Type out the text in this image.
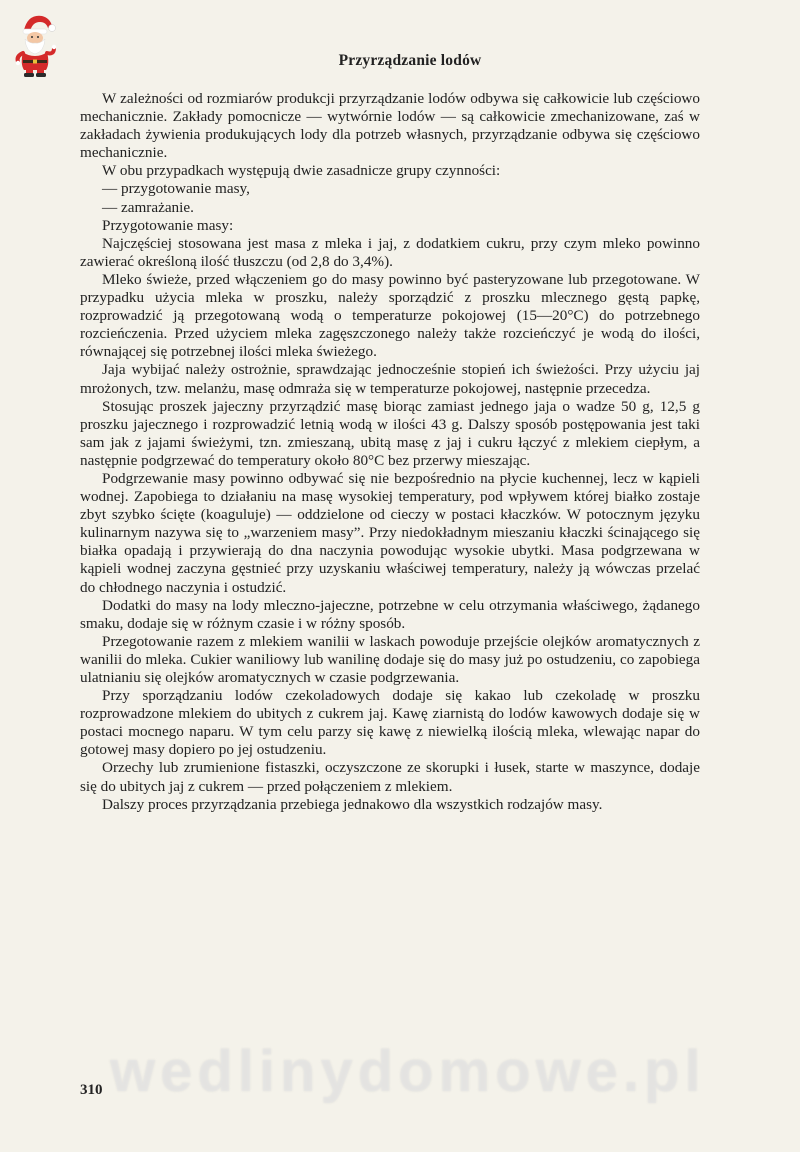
Przyrządzanie lodów

W zależności od rozmiarów produkcji przyrządzanie lodów odbywa się całkowicie lub częściowo mechanicznie. Zakłady pomocnicze — wytwórnie lodów — są całkowicie zmechanizowane, zaś w zakładach żywienia produkujących lody dla potrzeb własnych, przyrządzanie odbywa się częściowo mechanicznie.

W obu przypadkach występują dwie zasadnicze grupy czynności:

— przygotowanie masy,

— zamrażanie.

Przygotowanie masy:

Najczęściej stosowana jest masa z mleka i jaj, z dodatkiem cukru, przy czym mleko powinno zawierać określoną ilość tłuszczu (od 2,8 do 3,4%).

Mleko świeże, przed włączeniem go do masy powinno być pasteryzowane lub przegotowane. W przypadku użycia mleka w proszku, należy sporządzić z proszku mlecznego gęstą papkę, rozprowadzić ją przegotowaną wodą o temperaturze pokojowej (15—20°C) do potrzebnego rozcieńczenia. Przed użyciem mleka zagęszczonego należy także rozcieńczyć je wodą do ilości, równającej się potrzebnej ilości mleka świeżego.

Jaja wybijać należy ostrożnie, sprawdzając jednocześnie stopień ich świeżości. Przy użyciu jaj mrożonych, tzw. melanżu, masę odmraża się w temperaturze pokojowej, następnie przecedza.

Stosując proszek jajeczny przyrządzić masę biorąc zamiast jednego jaja o wadze 50 g, 12,5 g proszku jajecznego i rozprowadzić letnią wodą w ilości 43 g. Dalszy sposób postępowania jest taki sam jak z jajami świeżymi, tzn. zmieszaną, ubitą masę z jaj i cukru łączyć z mlekiem ciepłym, a następnie podgrzewać do temperatury około 80°C bez przerwy mieszając.

Podgrzewanie masy powinno odbywać się nie bezpośrednio na płycie kuchennej, lecz w kąpieli wodnej. Zapobiega to działaniu na masę wysokiej temperatury, pod wpływem której białko zostaje zbyt szybko ścięte (koaguluje) — oddzielone od cieczy w postaci kłaczków. W potocznym języku kulinarnym nazywa się to „warzeniem masy”. Przy niedokładnym mieszaniu kłaczki ścinającego się białka opadają i przywierają do dna naczynia powodując wysokie ubytki. Masa podgrzewana w kąpieli wodnej zaczyna gęstnieć przy uzyskaniu właściwej temperatury, należy ją wówczas przelać do chłodnego naczynia i ostudzić.

Dodatki do masy na lody mleczno-jajeczne, potrzebne w celu otrzymania właściwego, żądanego smaku, dodaje się w różnym czasie i w różny sposób.

Przegotowanie razem z mlekiem wanilii w laskach powoduje przejście olejków aromatycznych z wanilii do mleka. Cukier waniliowy lub wanilinę dodaje się do masy już po ostudzeniu, co zapobiega ulatnianiu się olejków aromatycznych w czasie podgrzewania.

Przy sporządzaniu lodów czekoladowych dodaje się kakao lub czekoladę w proszku rozprowadzone mlekiem do ubitych z cukrem jaj. Kawę ziarnistą do lodów kawowych dodaje się w postaci mocnego naparu. W tym celu parzy się kawę z niewielką ilością mleka, wlewając napar do gotowej masy dopiero po jej ostudzeniu.

Orzechy lub zrumienione fistaszki, oczyszczone ze skorupki i łusek, starte w maszynce, dodaje się do ubitych jaj z cukrem — przed połączeniem z mlekiem.

Dalszy proces przyrządzania przebiega jednakowo dla wszystkich rodzajów masy.

wedlinydomowe.pl
310
